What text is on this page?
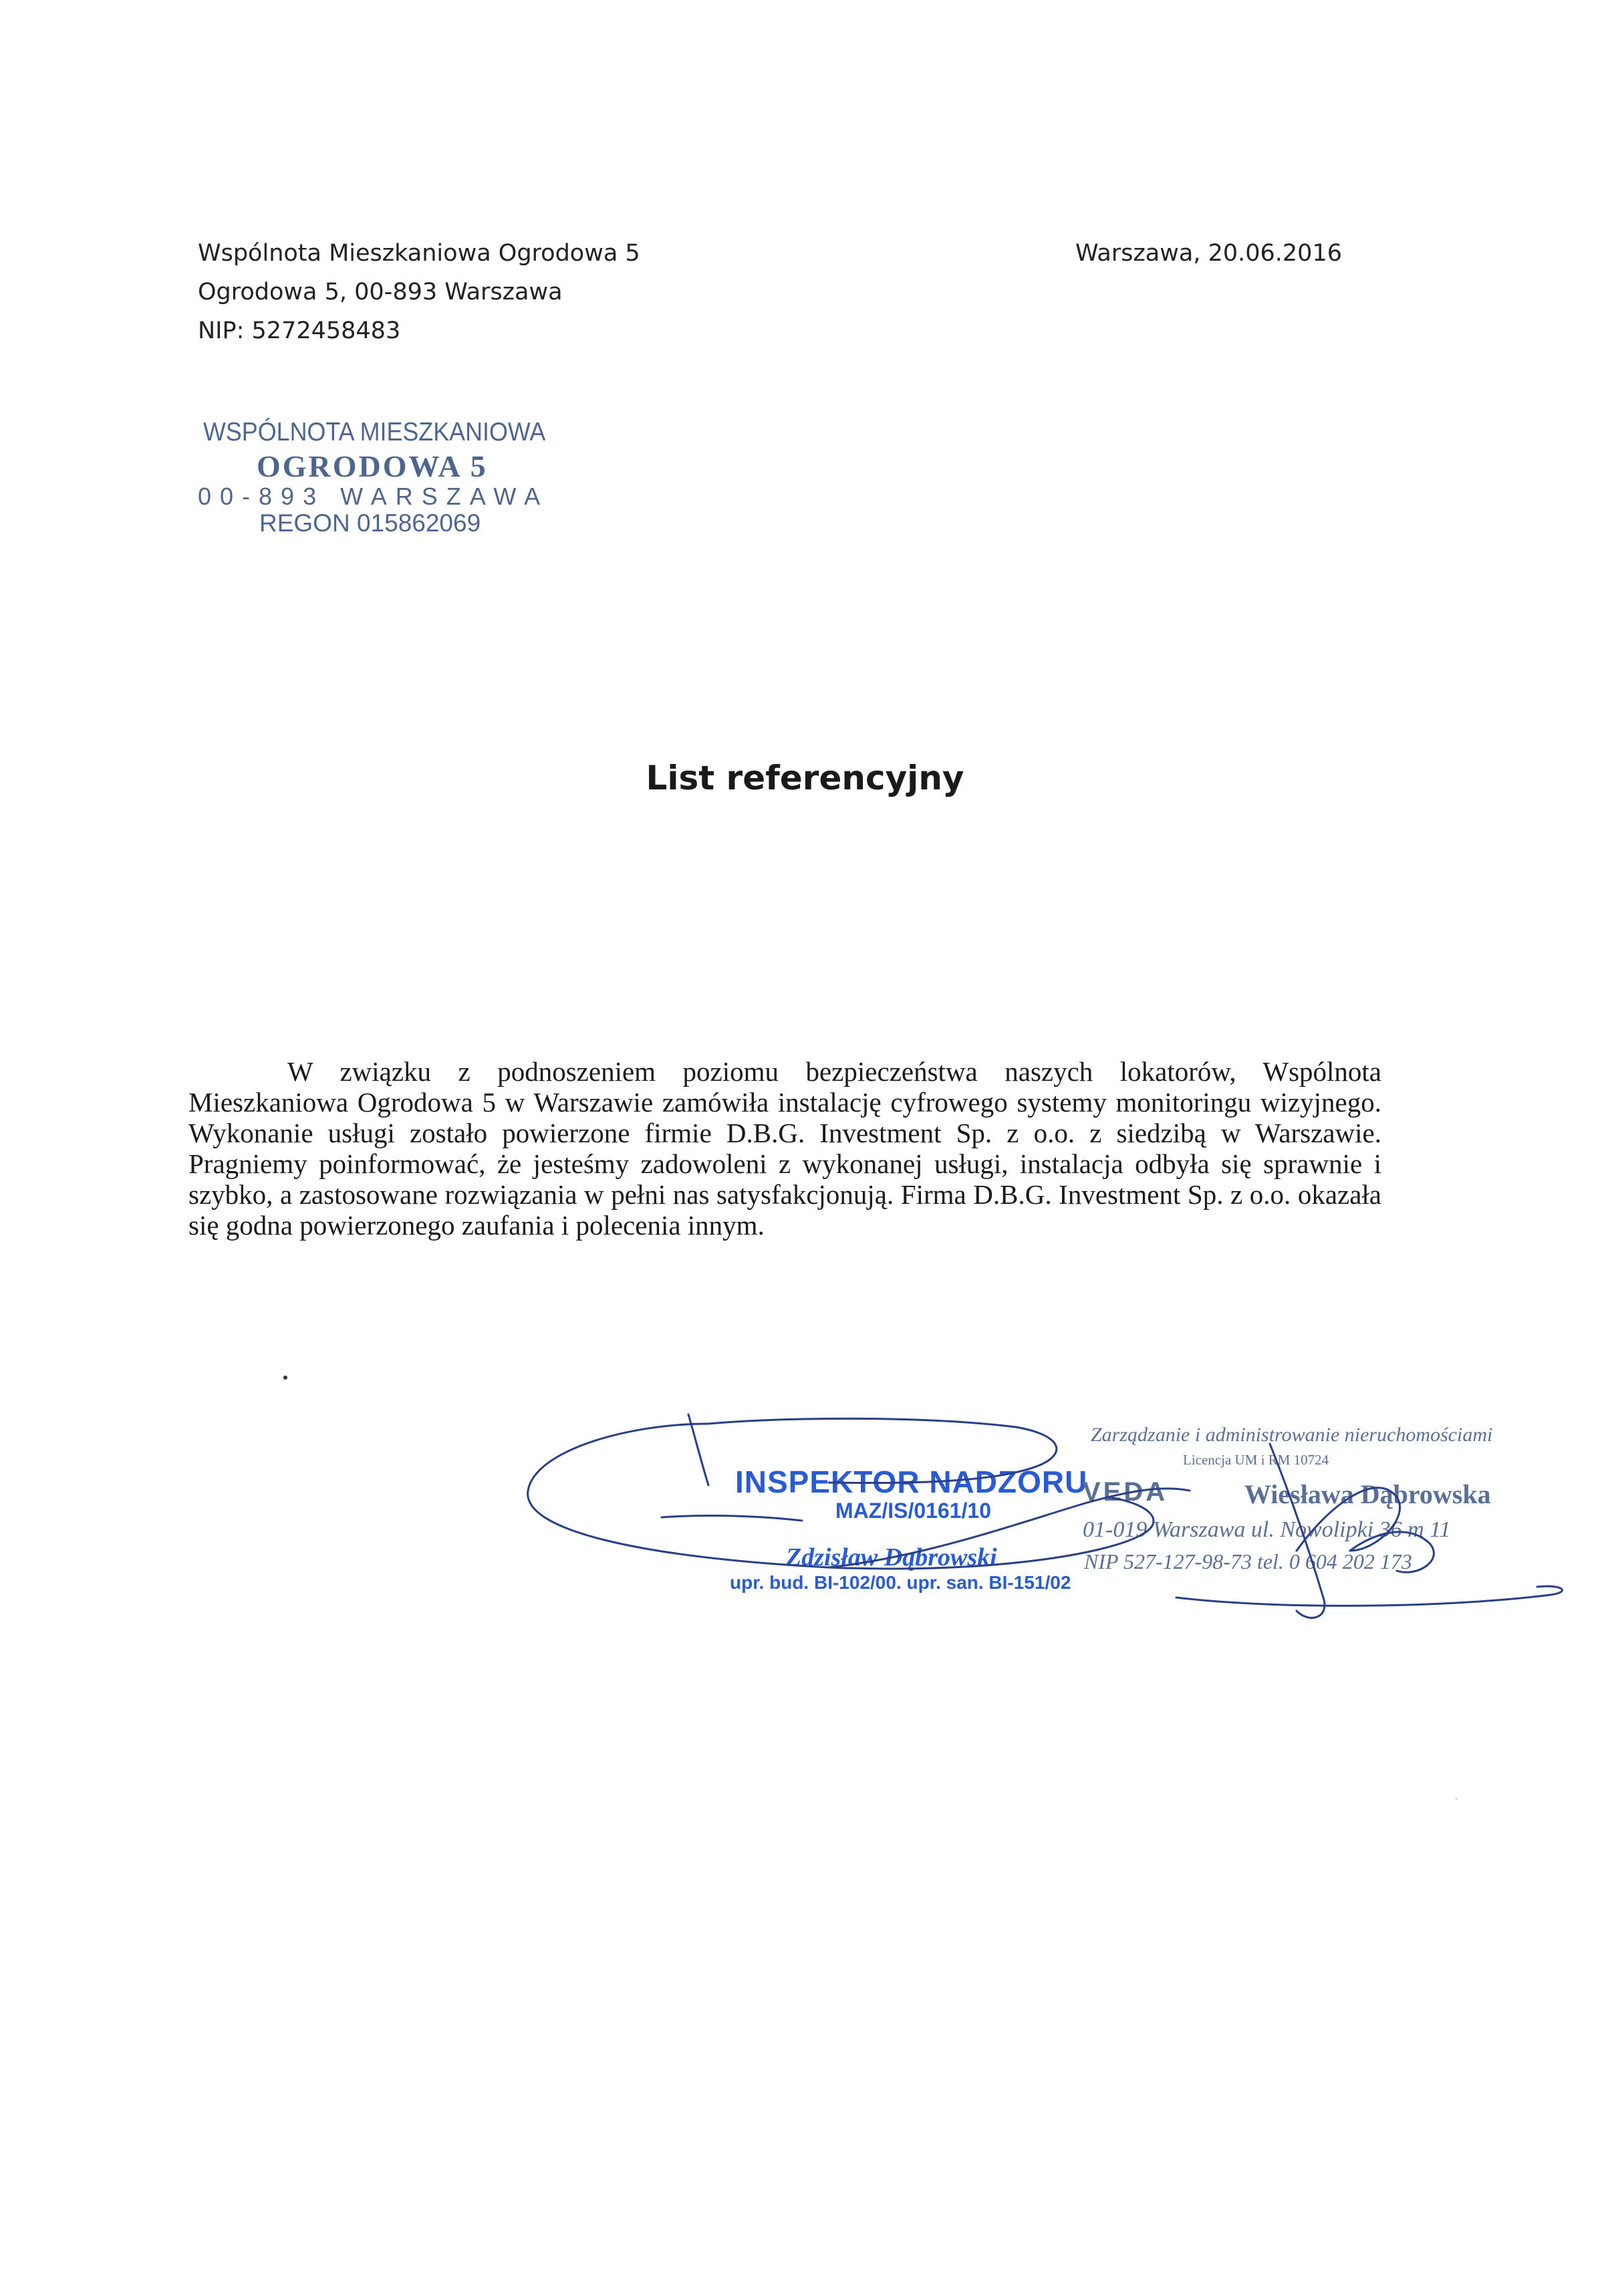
Wspólnota Mieszkaniowa Ogrodowa 5
Ogrodowa 5, 00-893 Warszawa
NIP: 5272458483
Warszawa, 20.06.2016
WSPÓLNOTA MIESZKANIOWA
OGRODOWA 5
00-893 WARSZAWA
REGON 015862069
List referencyjny

W związku z podnoszeniem poziomu bezpieczeństwa naszych lokatorów, Wspólnota Mieszkaniowa Ogrodowa 5 w Warszawie zamówiła instalację cyfrowego systemy monitoringu wizyjnego. Wykonanie usługi zostało powierzone firmie D.B.G. Investment Sp. z o.o. z siedzibą w Warszawie. Pragniemy poinformować, że jesteśmy zadowoleni z wykonanej usługi, instalacja odbyła się sprawnie i szybko, a zastosowane rozwiązania w pełni nas satysfakcjonują. Firma D.B.G. Investment Sp. z o.o. okazała się godna powierzonego zaufania i polecenia innym.

INSPEKTOR NADZORU
MAZ/IS/0161/10
Zdzisław Dąbrowski
upr. bud. BI-102/00. upr. san. BI-151/02
Zarządzanie i administrowanie nieruchomościami
Licencja UM i RM 10724
VEDA	Wiesława Dąbrowska
01-019 Warszawa ul. Nowolipki 36 m 11
NIP 527-127-98-73 tel. 0 604 202 173
